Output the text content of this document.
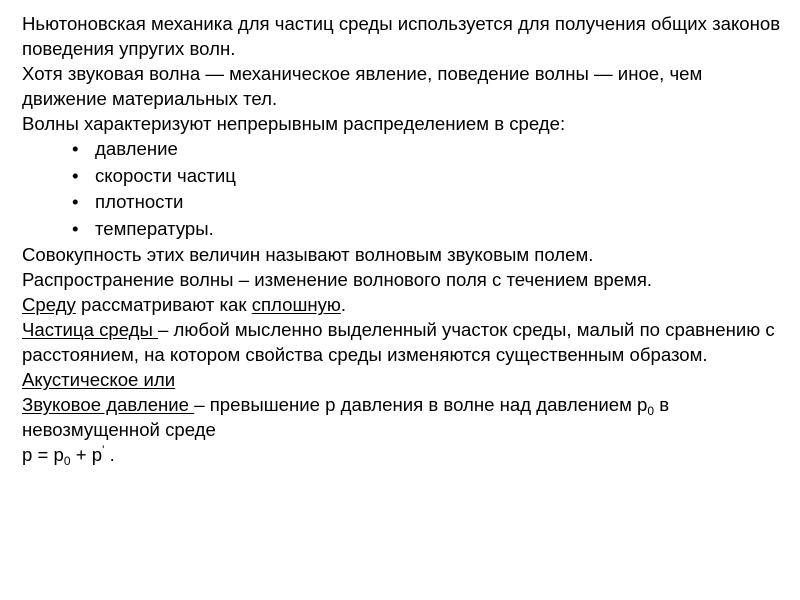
Ньютоновская механика для частиц среды используется для получения общих законов поведения упругих волн.

Хотя звуковая волна — механическое явление, поведение волны — иное, чем движение материальных тел.

Волны характеризуют непрерывным распределением в среде:

• давление
• скорости частиц
• плотности
• температуры.

Совокупность этих величин называют волновым звуковым полем.

Распространение волны – изменение волнового поля с течением время.

Среду рассматривают как сплошную.

Частица среды – любой мысленно выделенный участок среды, малый по сравнению с расстоянием, на котором свойства среды изменяются существенным образом.

Акустическое или

Звуковое давление – превышение p давления в волне над давлением $p_0$ в невозмущенной среде

$p = p_0 + p'$ .
